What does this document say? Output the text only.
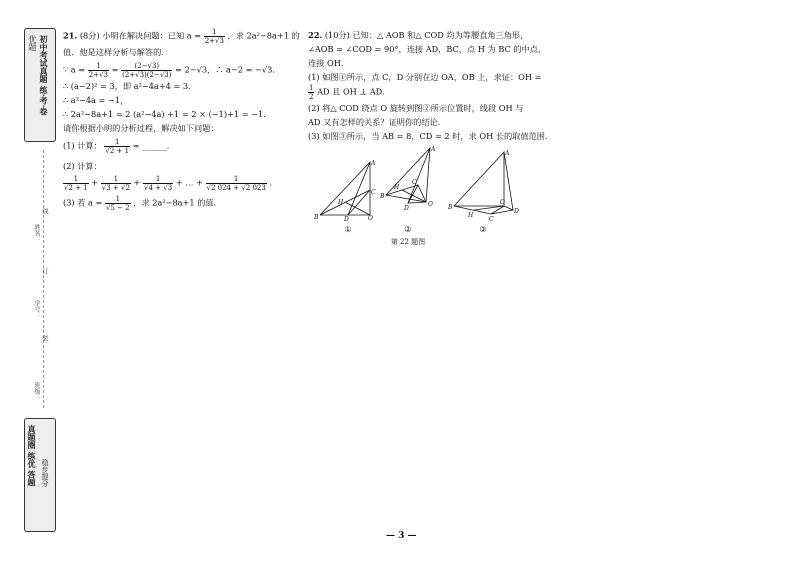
优题 初中考试真题 练·考·卷
线
订
装
姓名：
学号：
班级：
真题圈 练优 答题 稳步提分

21. (8分) 小明在解决问题：已知 $a = \frac{1}{2+√3}$ ，求 2a²−8a+1 的

值．他是这样分析与解答的．

∵ $a = \frac{1}{2+√3} = \frac{(2-√3)}{(2+√3)(2-√3)} = 2-√3$，∴ a−2 = −√3．

∴ (a−2)² = 3，即 a²−4a+4 = 3．

∴ a²−4a = −1，

∴ 2a²−8a+1 = 2 (a²−4a) +1 = 2 × (−1)+1 = −1．

请你根据小明的分析过程，解决如下问题：

(1) 计算： $\frac{1}{√2 + 1}$ = ______．

(2) 计算：

$\frac{1}{√2 + 1} + \frac{1}{√3 + √2} + \frac{1}{√4 + √3}$ + … + $\frac{1}{√2 024 + √2 023}$ ．

(3) 若 $a = \frac{1}{√5 - 2}$ ，求 2a²−8a+1 的值．

22. (10分) 已知：△ AOB 和△ COD 均为等腰直角三角形，

∠AOB = ∠COD = 90°，连接 AD，BC，点 H 为 BC 的中点，

连接 OH．

(1) 如图①所示，点 C，D 分别在边 OA，OB 上，求证：OH =

$\frac{1}{2}$ AD 且 OH ⊥ AD．

(2) 将△ COD 绕点 O 旋转到图②所示位置时，线段 OH 与

AD 又有怎样的关系？证明你的结论．

(3) 如图③所示，当 AB = 8，CD = 2 时，求 OH 长的取值范围．

A
B
C
D	O
H
A
B
C
D
O
H
A
B
C
D
O
H
①	②	③
第 22 题图
— 3 —
